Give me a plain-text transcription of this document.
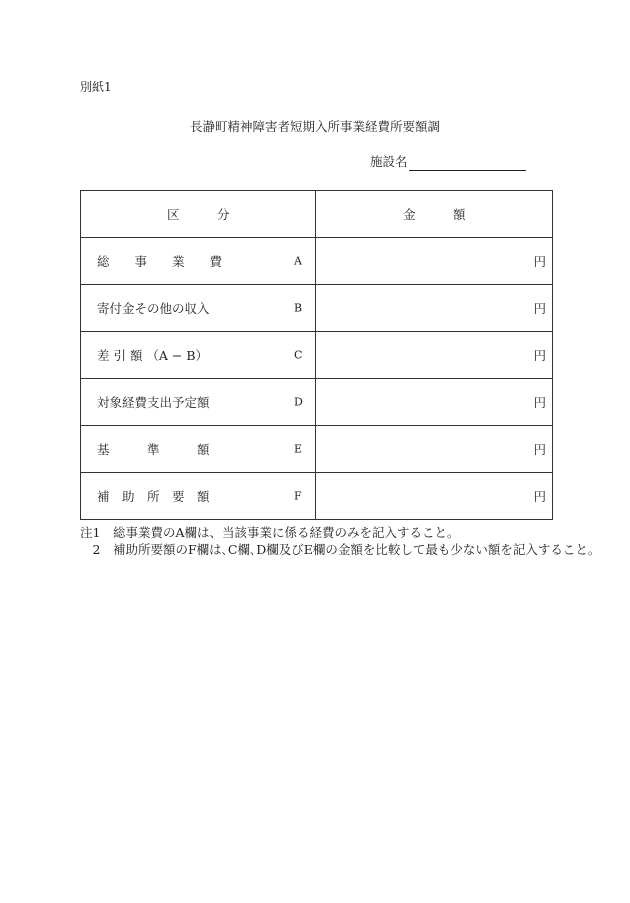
別紙1
長瀞町精神障害者短期入所事業経費所要額調
施設名
区　　　分	金　　　額

総　　事　　業　　費 A	円

寄付金その他の収入 B	円

差 引 額 （A − B） C	円

対象経費支出予定額 D	円

基　　　準　　　額 E	円

補　助　所　要　額 F	円
注1　総事業費のA欄は、当該事業に係る経費のみを記入すること。
　2　補助所要額のF欄は､C欄､D欄及びE欄の金額を比較して最も少ない額を記入すること。
